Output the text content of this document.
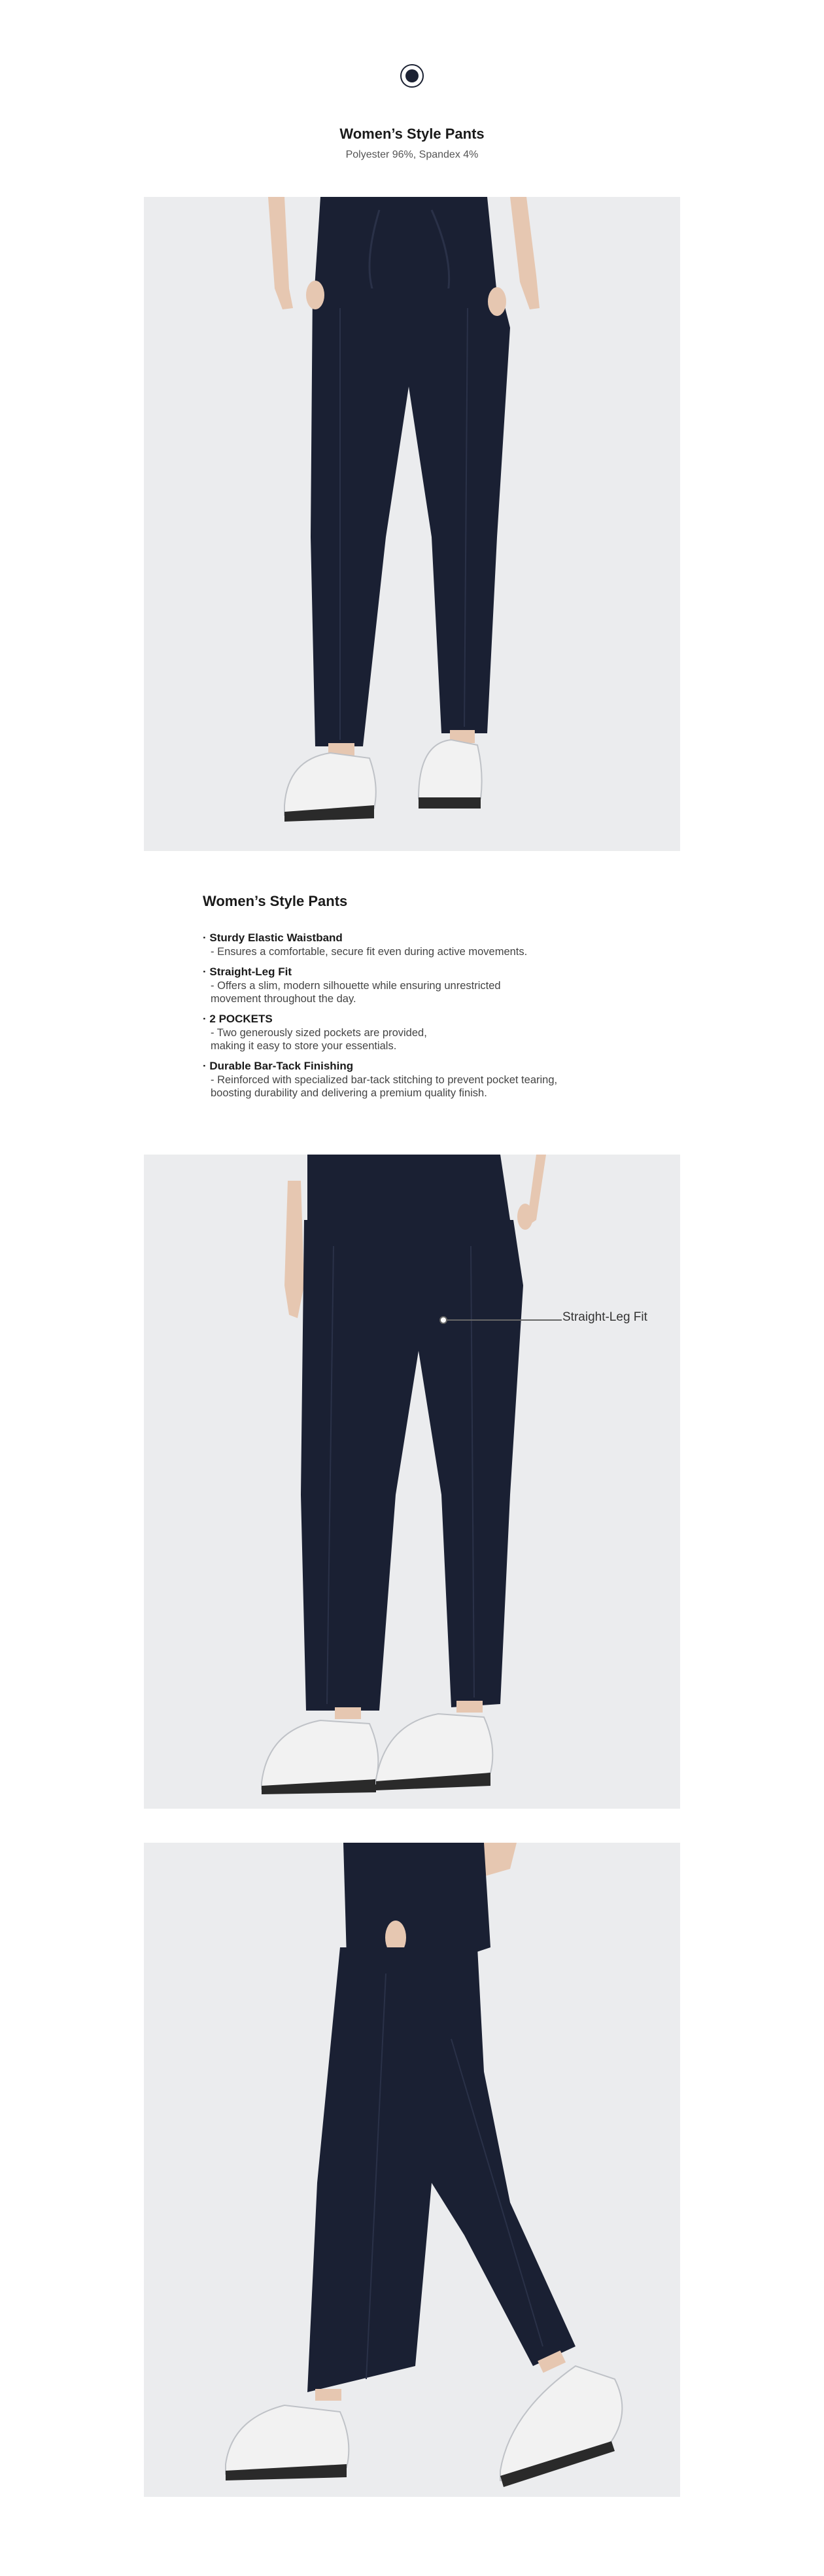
Women’s Style Pants
Polyester 96%, Spandex 4%
Women’s Style Pants
· Sturdy Elastic Waistband
- Ensures a comfortable, secure fit even during active movements.
· Straight-Leg Fit
- Offers a slim, modern silhouette while ensuring unrestricted
movement throughout the day.
· 2 POCKETS
- Two generously sized pockets are provided,
making it easy to store your essentials.
· Durable Bar-Tack Finishing
- Reinforced with specialized bar-tack stitching to prevent pocket tearing,
boosting durability and delivering a premium quality finish.
Straight-Leg Fit
